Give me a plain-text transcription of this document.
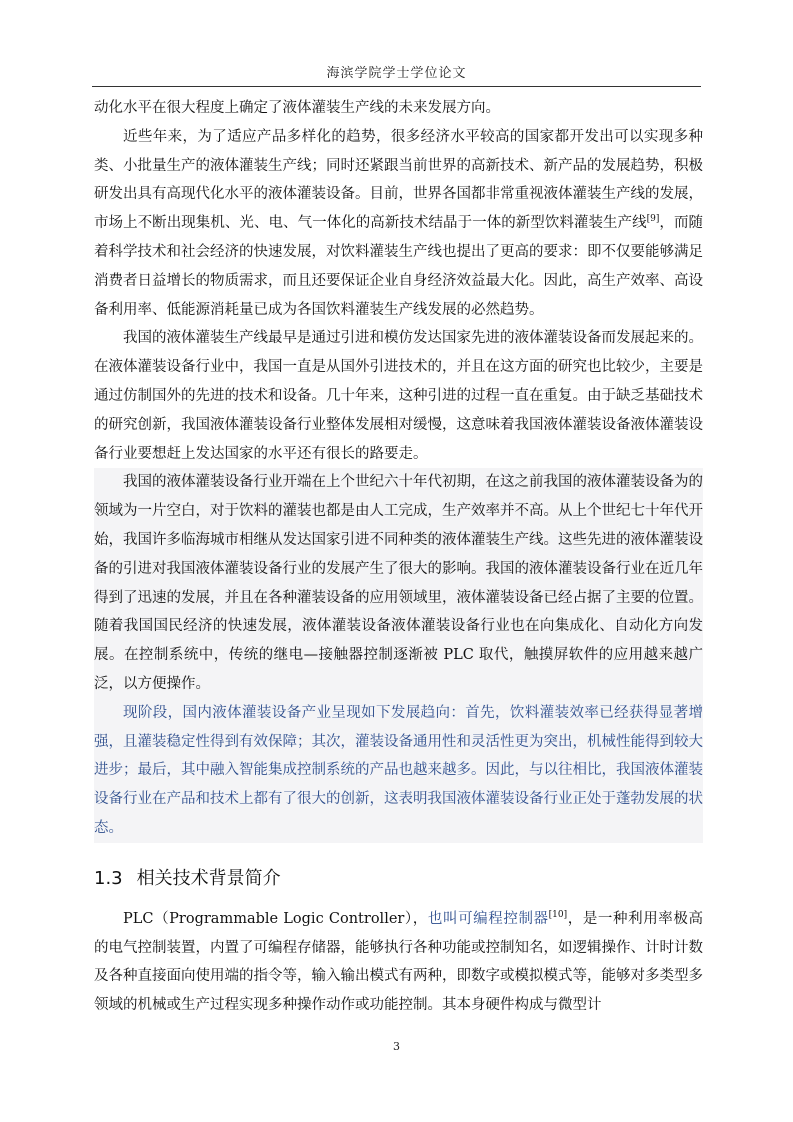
海滨学院学士学位论文

动化水平在很大程度上确定了液体灌装生产线的未来发展方向。

近些年来，为了适应产品多样化的趋势，很多经济水平较高的国家都开发出可以实现多种类、小批量生产的液体灌装生产线；同时还紧跟当前世界的高新技术、新产品的发展趋势，积极研发出具有高现代化水平的液体灌装设备。目前，世界各国都非常重视液体灌装生产线的发展，市场上不断出现集机、光、电、气一体化的高新技术结晶于一体的新型饮料灌装生产线[9]，而随着科学技术和社会经济的快速发展，对饮料灌装生产线也提出了更高的要求：即不仅要能够满足消费者日益增长的物质需求，而且还要保证企业自身经济效益最大化。因此，高生产效率、高设备利用率、低能源消耗量已成为各国饮料灌装生产线发展的必然趋势。

我国的液体灌装生产线最早是通过引进和模仿发达国家先进的液体灌装设备而发展起来的。在液体灌装设备行业中，我国一直是从国外引进技术的，并且在这方面的研究也比较少，主要是通过仿制国外的先进的技术和设备。几十年来，这种引进的过程一直在重复。由于缺乏基础技术的研究创新，我国液体灌装设备行业整体发展相对缓慢，这意味着我国液体灌装设备液体灌装设备行业要想赶上发达国家的水平还有很长的路要走。

我国的液体灌装设备行业开端在上个世纪六十年代初期，在这之前我国的液体灌装设备为的领域为一片空白，对于饮料的灌装也都是由人工完成，生产效率并不高。从上个世纪七十年代开始，我国许多临海城市相继从发达国家引进不同种类的液体灌装生产线。这些先进的液体灌装设备的引进对我国液体灌装设备行业的发展产生了很大的影响。我国的液体灌装设备行业在近几年得到了迅速的发展，并且在各种灌装设备的应用领域里，液体灌装设备已经占据了主要的位置。随着我国国民经济的快速发展，液体灌装设备液体灌装设备行业也在向集成化、自动化方向发展。在控制系统中，传统的继电—接触器控制逐渐被 PLC 取代，触摸屏软件的应用越来越广泛，以方便操作。

现阶段，国内液体灌装设备产业呈现如下发展趋向：首先，饮料灌装效率已经获得显著增强，且灌装稳定性得到有效保障；其次，灌装设备通用性和灵活性更为突出，机械性能得到较大进步；最后，其中融入智能集成控制系统的产品也越来越多。因此，与以往相比，我国液体灌装设备行业在产品和技术上都有了很大的创新，这表明我国液体灌装设备行业正处于蓬勃发展的状态。

1.3 相关技术背景简介

PLC（Programmable Logic Controller），也叫可编程控制器[10]，是一种利用率极高的电气控制装置，内置了可编程存储器，能够执行各种功能或控制知名，如逻辑操作、计时计数及各种直接面向使用端的指令等，输入输出模式有两种，即数字或模拟模式等，能够对多类型多领域的机械或生产过程实现多种操作动作或功能控制。其本身硬件构成与微型计

3
